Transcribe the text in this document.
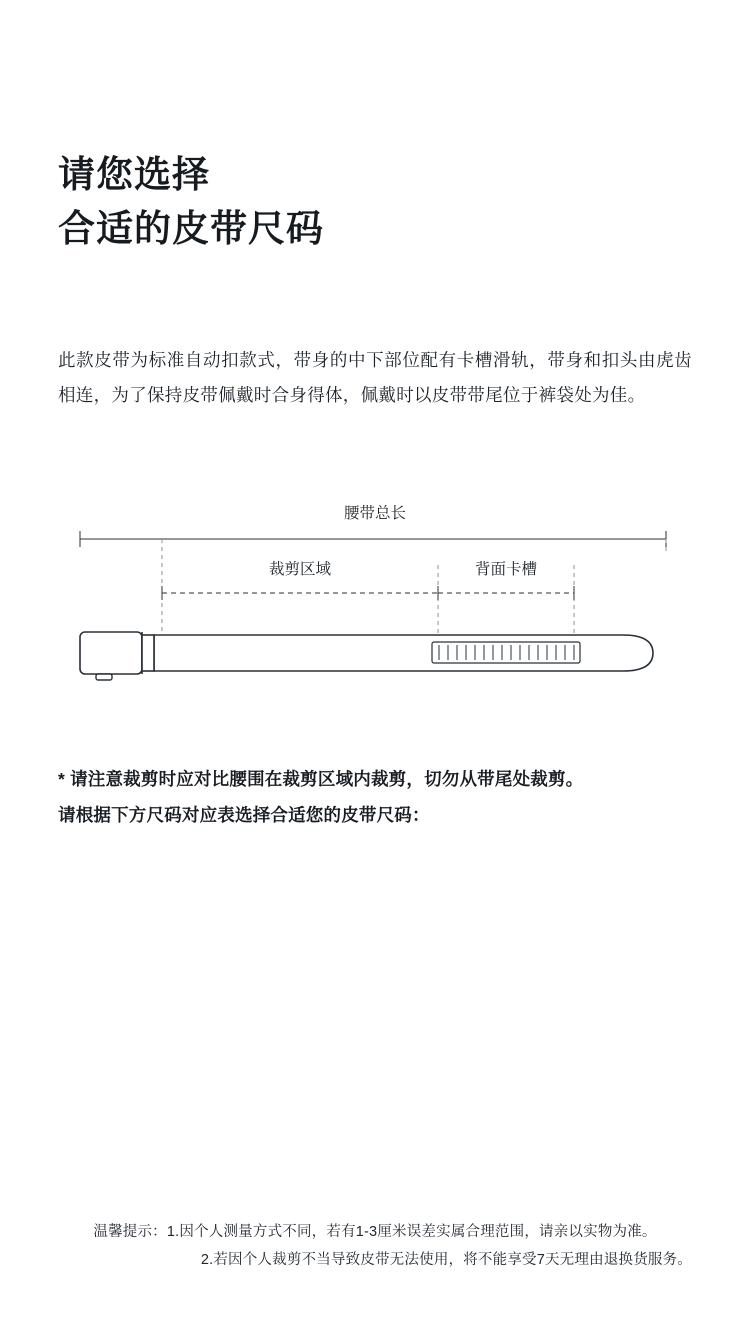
请您选择
合适的皮带尺码

此款皮带为标准自动扣款式，带身的中下部位配有卡槽滑轨，带身和扣头由虎齿相连，为了保持皮带佩戴时合身得体，佩戴时以皮带带尾位于裤袋处为佳。

腰带总长
裁剪区域	背面卡槽
* 请注意裁剪时应对比腰围在裁剪区域内裁剪，切勿从带尾处裁剪。
请根据下方尺码对应表选择合适您的皮带尺码：

温馨提示：1.因个人测量方式不同，若有1-3厘米误差实属合理范围，请亲以实物为准。
2.若因个人裁剪不当导致皮带无法使用，将不能享受7天无理由退换货服务。
